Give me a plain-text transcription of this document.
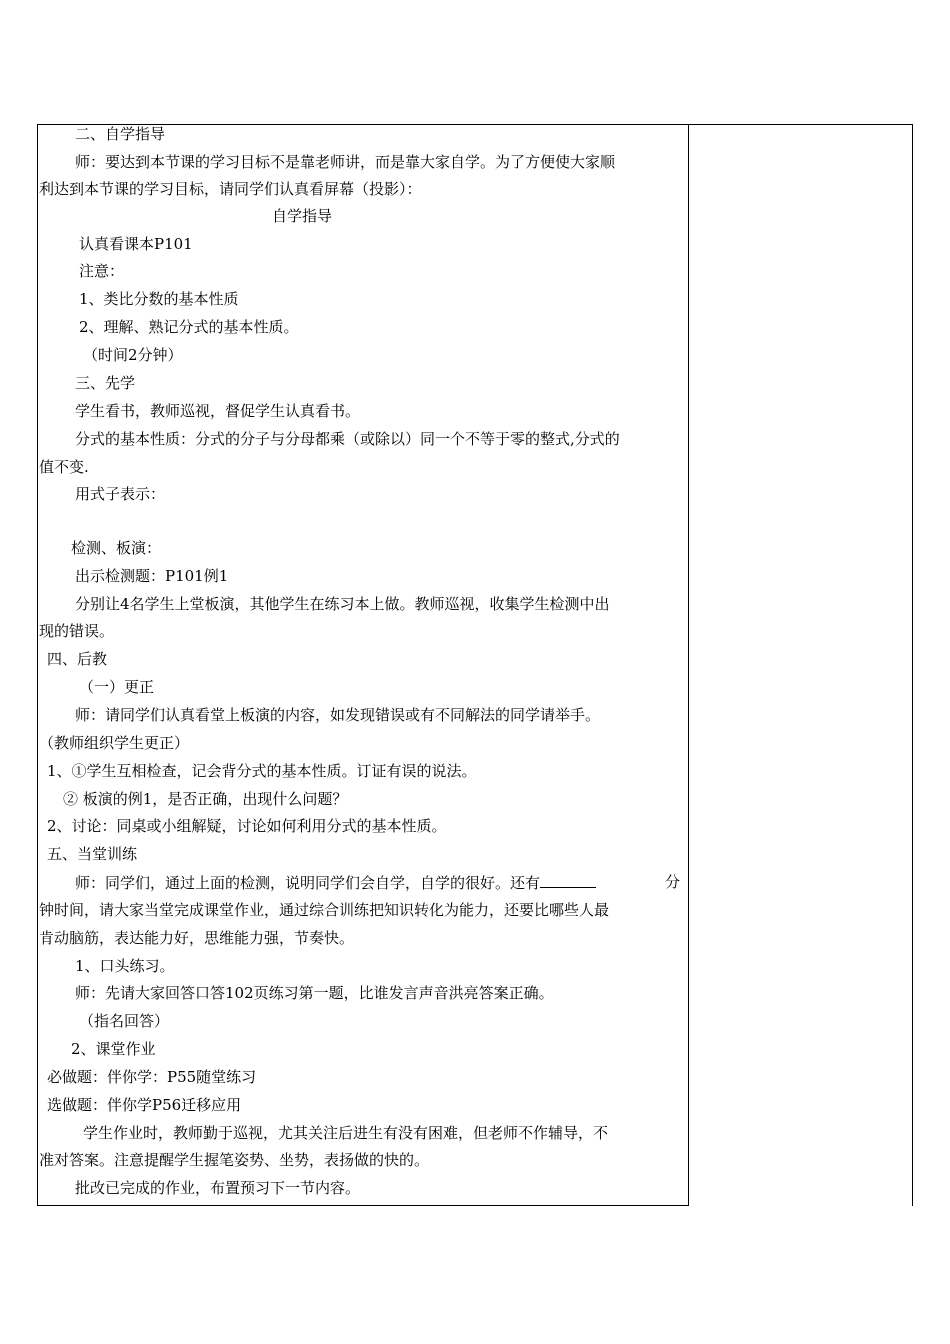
二、自学指导
师：要达到本节课的学习目标不是靠老师讲，而是靠大家自学。为了方便使大家顺
利达到本节课的学习目标，请同学们认真看屏幕（投影）：
自学指导
认真看课本P101
注意：
1、类比分数的基本性质
2、理解、熟记分式的基本性质。
（时间2分钟）
三、先学
学生看书，教师巡视，督促学生认真看书。
分式的基本性质：分式的分子与分母都乘（或除以）同一个不等于零的整式,分式的
值不变.
用式子表示：
检测、板演：
出示检测题：P101例1
分别让4名学生上堂板演，其他学生在练习本上做。教师巡视，收集学生检测中出
现的错误。
四、后教
（一）更正
师：请同学们认真看堂上板演的内容，如发现错误或有不同解法的同学请举手。
（教师组织学生更正）
1、①学生互相检查，记会背分式的基本性质。订证有误的说法。
② 板演的例1，是否正确，出现什么问题？
2、讨论：同桌或小组解疑，讨论如何利用分式的基本性质。
五、当堂训练
师：同学们，通过上面的检测，说明同学们会自学，自学的很好。还有	分
钟时间，请大家当堂完成课堂作业，通过综合训练把知识转化为能力，还要比哪些人最
肯动脑筋，表达能力好，思维能力强，节奏快。
1、口头练习。
师：先请大家回答口答102页练习第一题，比谁发言声音洪亮答案正确。
（指名回答）
2、课堂作业
必做题：伴你学：P55随堂练习
选做题：伴你学P56迁移应用
学生作业时，教师勤于巡视，尤其关注后进生有没有困难，但老师不作辅导，不
准对答案。注意提醒学生握笔姿势、坐势，表扬做的快的。
批改已完成的作业，布置预习下一节内容。
